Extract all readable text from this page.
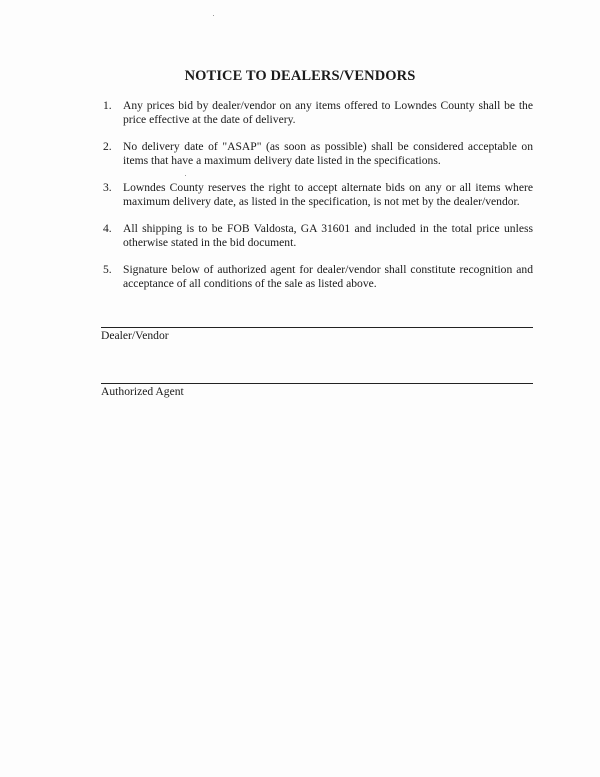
NOTICE TO DEALERS/VENDORS
1. Any prices bid by dealer/vendor on any items offered to Lowndes County shall be the price effective at the date of delivery.
2. No delivery date of "ASAP" (as soon as possible) shall be considered acceptable on items that have a maximum delivery date listed in the specifications.
3. Lowndes County reserves the right to accept alternate bids on any or all items where maximum delivery date, as listed in the specification, is not met by the dealer/vendor.
4. All shipping is to be FOB Valdosta, GA 31601 and included in the total price unless otherwise stated in the bid document.
5. Signature below of authorized agent for dealer/vendor shall constitute recognition and acceptance of all conditions of the sale as listed above.
Dealer/Vendor
Authorized Agent
